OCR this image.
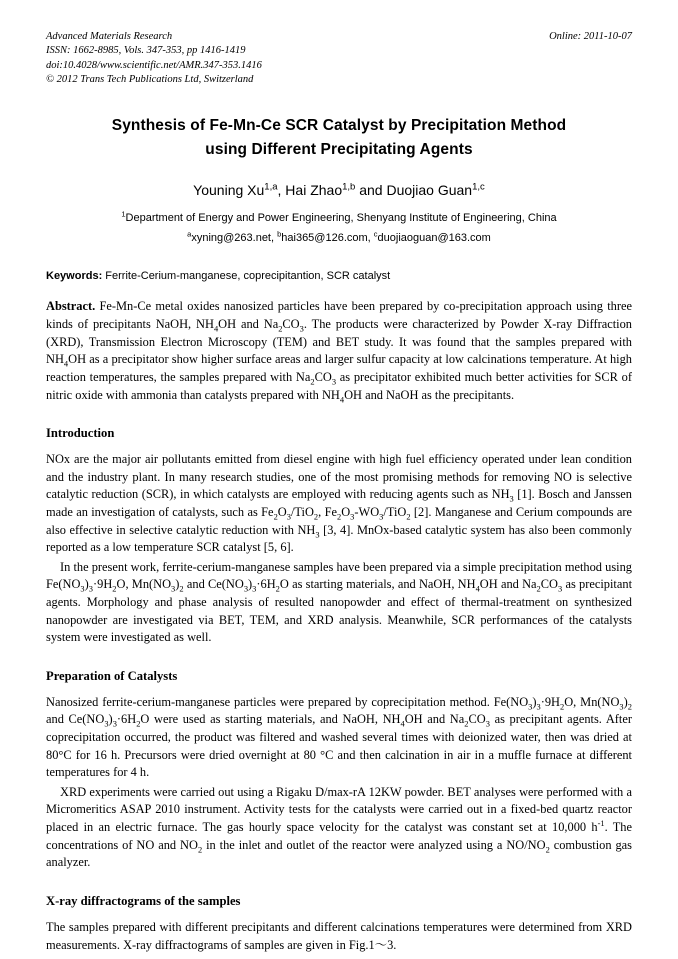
Advanced Materials Research
ISSN: 1662-8985, Vols. 347-353, pp 1416-1419
doi:10.4028/www.scientific.net/AMR.347-353.1416
© 2012 Trans Tech Publications Ltd, Switzerland
Online: 2011-10-07
Synthesis of Fe-Mn-Ce SCR Catalyst by Precipitation Method
using Different Precipitating Agents
Youning Xu$^{1,a}$, Hai Zhao$^{1,b}$ and Duojiao Guan$^{1,c}$
$^1$Department of Energy and Power Engineering, Shenyang Institute of Engineering, China
$^a$xyning@263.net, $^b$hai365@126.com, $^c$duojiaoguan@163.com
Keywords: Ferrite-Cerium-manganese, coprecipitantion, SCR catalyst
Abstract. Fe-Mn-Ce metal oxides nanosized particles have been prepared by co-precipitation approach using three kinds of precipitants NaOH, $NH_4OH$ and $Na_2CO_3$. The products were characterized by Powder X-ray Diffraction (XRD), Transmission Electron Microscopy (TEM) and BET study. It was found that the samples prepared with $NH_4OH$ as a precipitator show higher surface areas and larger sulfur capacity at low calcinations temperature. At high reaction temperatures, the samples prepared with $Na_2CO_3$ as precipitator exhibited much better activities for SCR of nitric oxide with ammonia than catalysts prepared with $NH_4OH$ and NaOH as the precipitants.
Introduction

NOx are the major air pollutants emitted from diesel engine with high fuel efficiency operated under lean condition and the industry plant. In many research studies, one of the most promising methods for removing NO is selective catalytic reduction (SCR), in which catalysts are employed with reducing agents such as $NH_3$ [1]. Bosch and Janssen made an investigation of catalysts, such as $Fe_2O_3/TiO_2$, $Fe_2O_3-WO_3/TiO_2$ [2]. Manganese and Cerium compounds are also effective in selective catalytic reduction with $NH_3$ [3, 4]. MnOx-based catalytic system has also been commonly reported as a low temperature SCR catalyst [5, 6].

In the present work, ferrite-cerium-manganese samples have been prepared via a simple precipitation method using $Fe(NO_3)_3\cdot 9H_2O$, $Mn(NO_3)_2$ and $Ce(NO_3)_3\cdot 6H_2O$ as starting materials, and NaOH, $NH_4OH$ and $Na_2CO_3$ as precipitant agents. Morphology and phase analysis of resulted nanopowder and effect of thermal-treatment on synthesized nanopowder are investigated via BET, TEM, and XRD analysis. Meanwhile, SCR performances of the catalysts system were investigated as well.

Preparation of Catalysts

Nanosized ferrite-cerium-manganese particles were prepared by coprecipitation method. $Fe(NO_3)_3\cdot 9H_2O$, $Mn(NO_3)_2$ and $Ce(NO_3)_3\cdot 6H_2O$ were used as starting materials, and NaOH, $NH_4OH$ and $Na_2CO_3$ as precipitant agents. After coprecipitation occurred, the product was filtered and washed several times with deionized water, then was dried at 80°C for 16 h. Precursors were dried overnight at 80 °C and then calcination in air in a muffle furnace at different temperatures for 4 h.

XRD experiments were carried out using a Rigaku D/max-rA 12KW powder. BET analyses were performed with a Micromeritics ASAP 2010 instrument. Activity tests for the catalysts were carried out in a fixed-bed quartz reactor placed in an electric furnace. The gas hourly space velocity for the catalyst was constant set at 10,000 $h^{-1}$. The concentrations of NO and $NO_2$ in the inlet and outlet of the reactor were analyzed using a $NO/NO_2$ combustion gas analyzer.

X-ray diffractograms of the samples

The samples prepared with different precipitants and different calcinations temperatures were determined from XRD measurements. X-ray diffractograms of samples are given in Fig.1～3.
